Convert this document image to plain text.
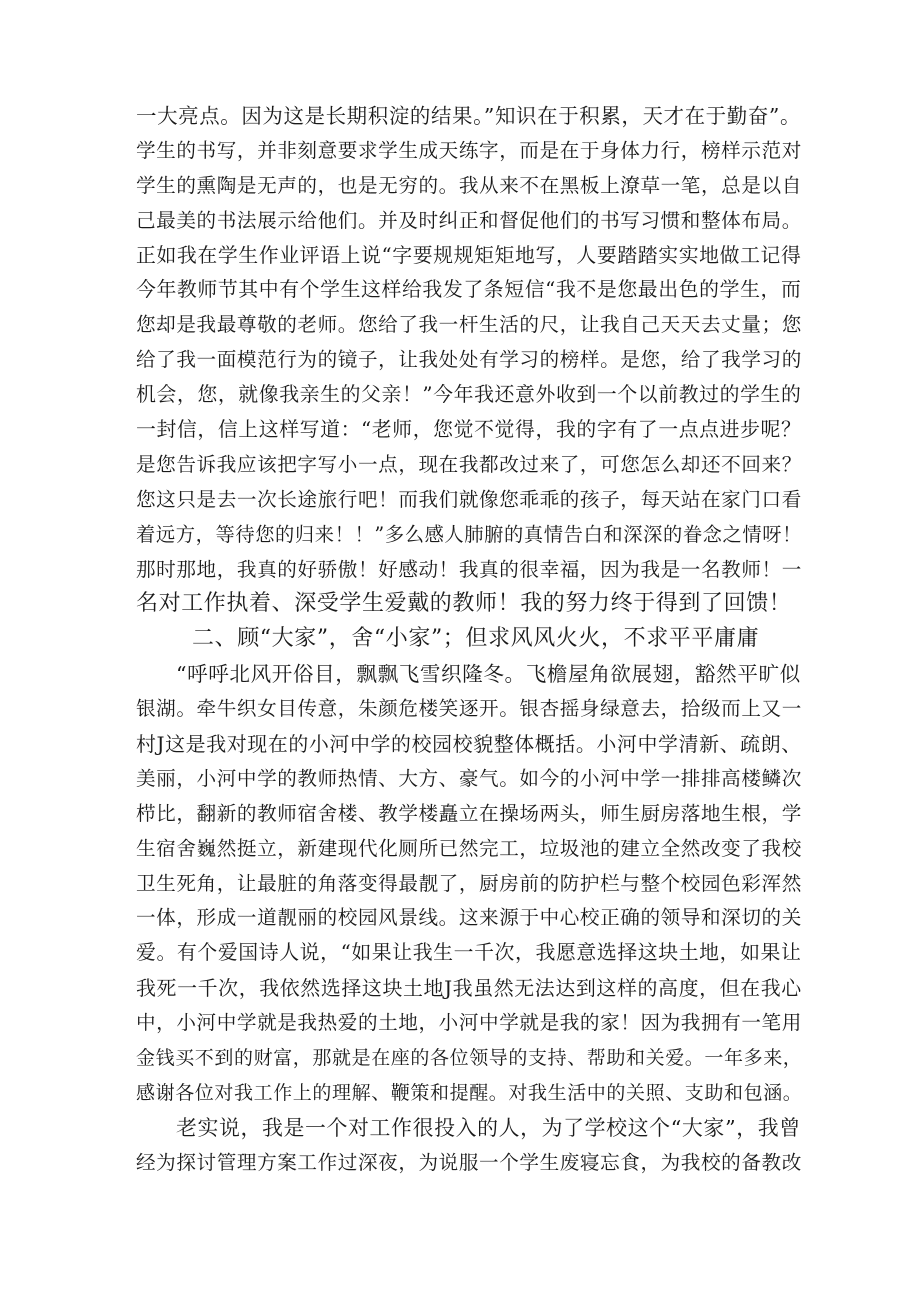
一大亮点。因为这是长期积淀的结果。”知识在于积累，天才在于勤奋”。
学生的书写，并非刻意要求学生成天练字，而是在于身体力行，榜样示范对
学生的熏陶是无声的，也是无穷的。我从来不在黑板上潦草一笔，总是以自
己最美的书法展示给他们。并及时纠正和督促他们的书写习惯和整体布局。
正如我在学生作业评语上说“字要规规矩矩地写，人要踏踏实实地做工记得
今年教师节其中有个学生这样给我发了条短信“我不是您最出色的学生，而
您却是我最尊敬的老师。您给了我一杆生活的尺，让我自己天天去丈量；您
给了我一面模范行为的镜子，让我处处有学习的榜样。是您，给了我学习的
机会，您，就像我亲生的父亲！”今年我还意外收到一个以前教过的学生的
一封信，信上这样写道：“老师，您觉不觉得，我的字有了一点点进步呢？
是您告诉我应该把字写小一点，现在我都改过来了，可您怎么却还不回来？
您这只是去一次长途旅行吧！而我们就像您乖乖的孩子，每天站在家门口看
着远方，等待您的归来！！”多么感人肺腑的真情告白和深深的眷念之情呀！
那时那地，我真的好骄傲！好感动！我真的很幸福，因为我是一名教师！一
名对工作执着、深受学生爱戴的教师！我的努力终于得到了回馈！
二、顾“大家”，舍“小家”；但求风风火火，不求平平庸庸
“呼呼北风开俗目，飘飘飞雪织隆冬。飞檐屋角欲展翅，豁然平旷似
银湖。牵牛织女目传意，朱颜危楼笑逐开。银杏摇身绿意去，拾级而上又一
村J这是我对现在的小河中学的校园校貌整体概括。小河中学清新、疏朗、
美丽，小河中学的教师热情、大方、豪气。如今的小河中学一排排高楼鳞次
栉比，翻新的教师宿舍楼、教学楼矗立在操场两头，师生厨房落地生根，学
生宿舍巍然挺立，新建现代化厕所已然完工，垃圾池的建立全然改变了我校
卫生死角，让最脏的角落变得最靓了，厨房前的防护栏与整个校园色彩浑然
一体，形成一道靓丽的校园风景线。这来源于中心校正确的领导和深切的关
爱。有个爱国诗人说，“如果让我生一千次，我愿意选择这块土地，如果让
我死一千次，我依然选择这块土地J我虽然无法达到这样的高度，但在我心
中，小河中学就是我热爱的土地，小河中学就是我的家！因为我拥有一笔用
金钱买不到的财富，那就是在座的各位领导的支持、帮助和关爱。一年多来，
感谢各位对我工作上的理解、鞭策和提醒。对我生活中的关照、支助和包涵。
老实说，我是一个对工作很投入的人，为了学校这个“大家”，我曾
经为探讨管理方案工作过深夜，为说服一个学生废寝忘食，为我校的备教改
